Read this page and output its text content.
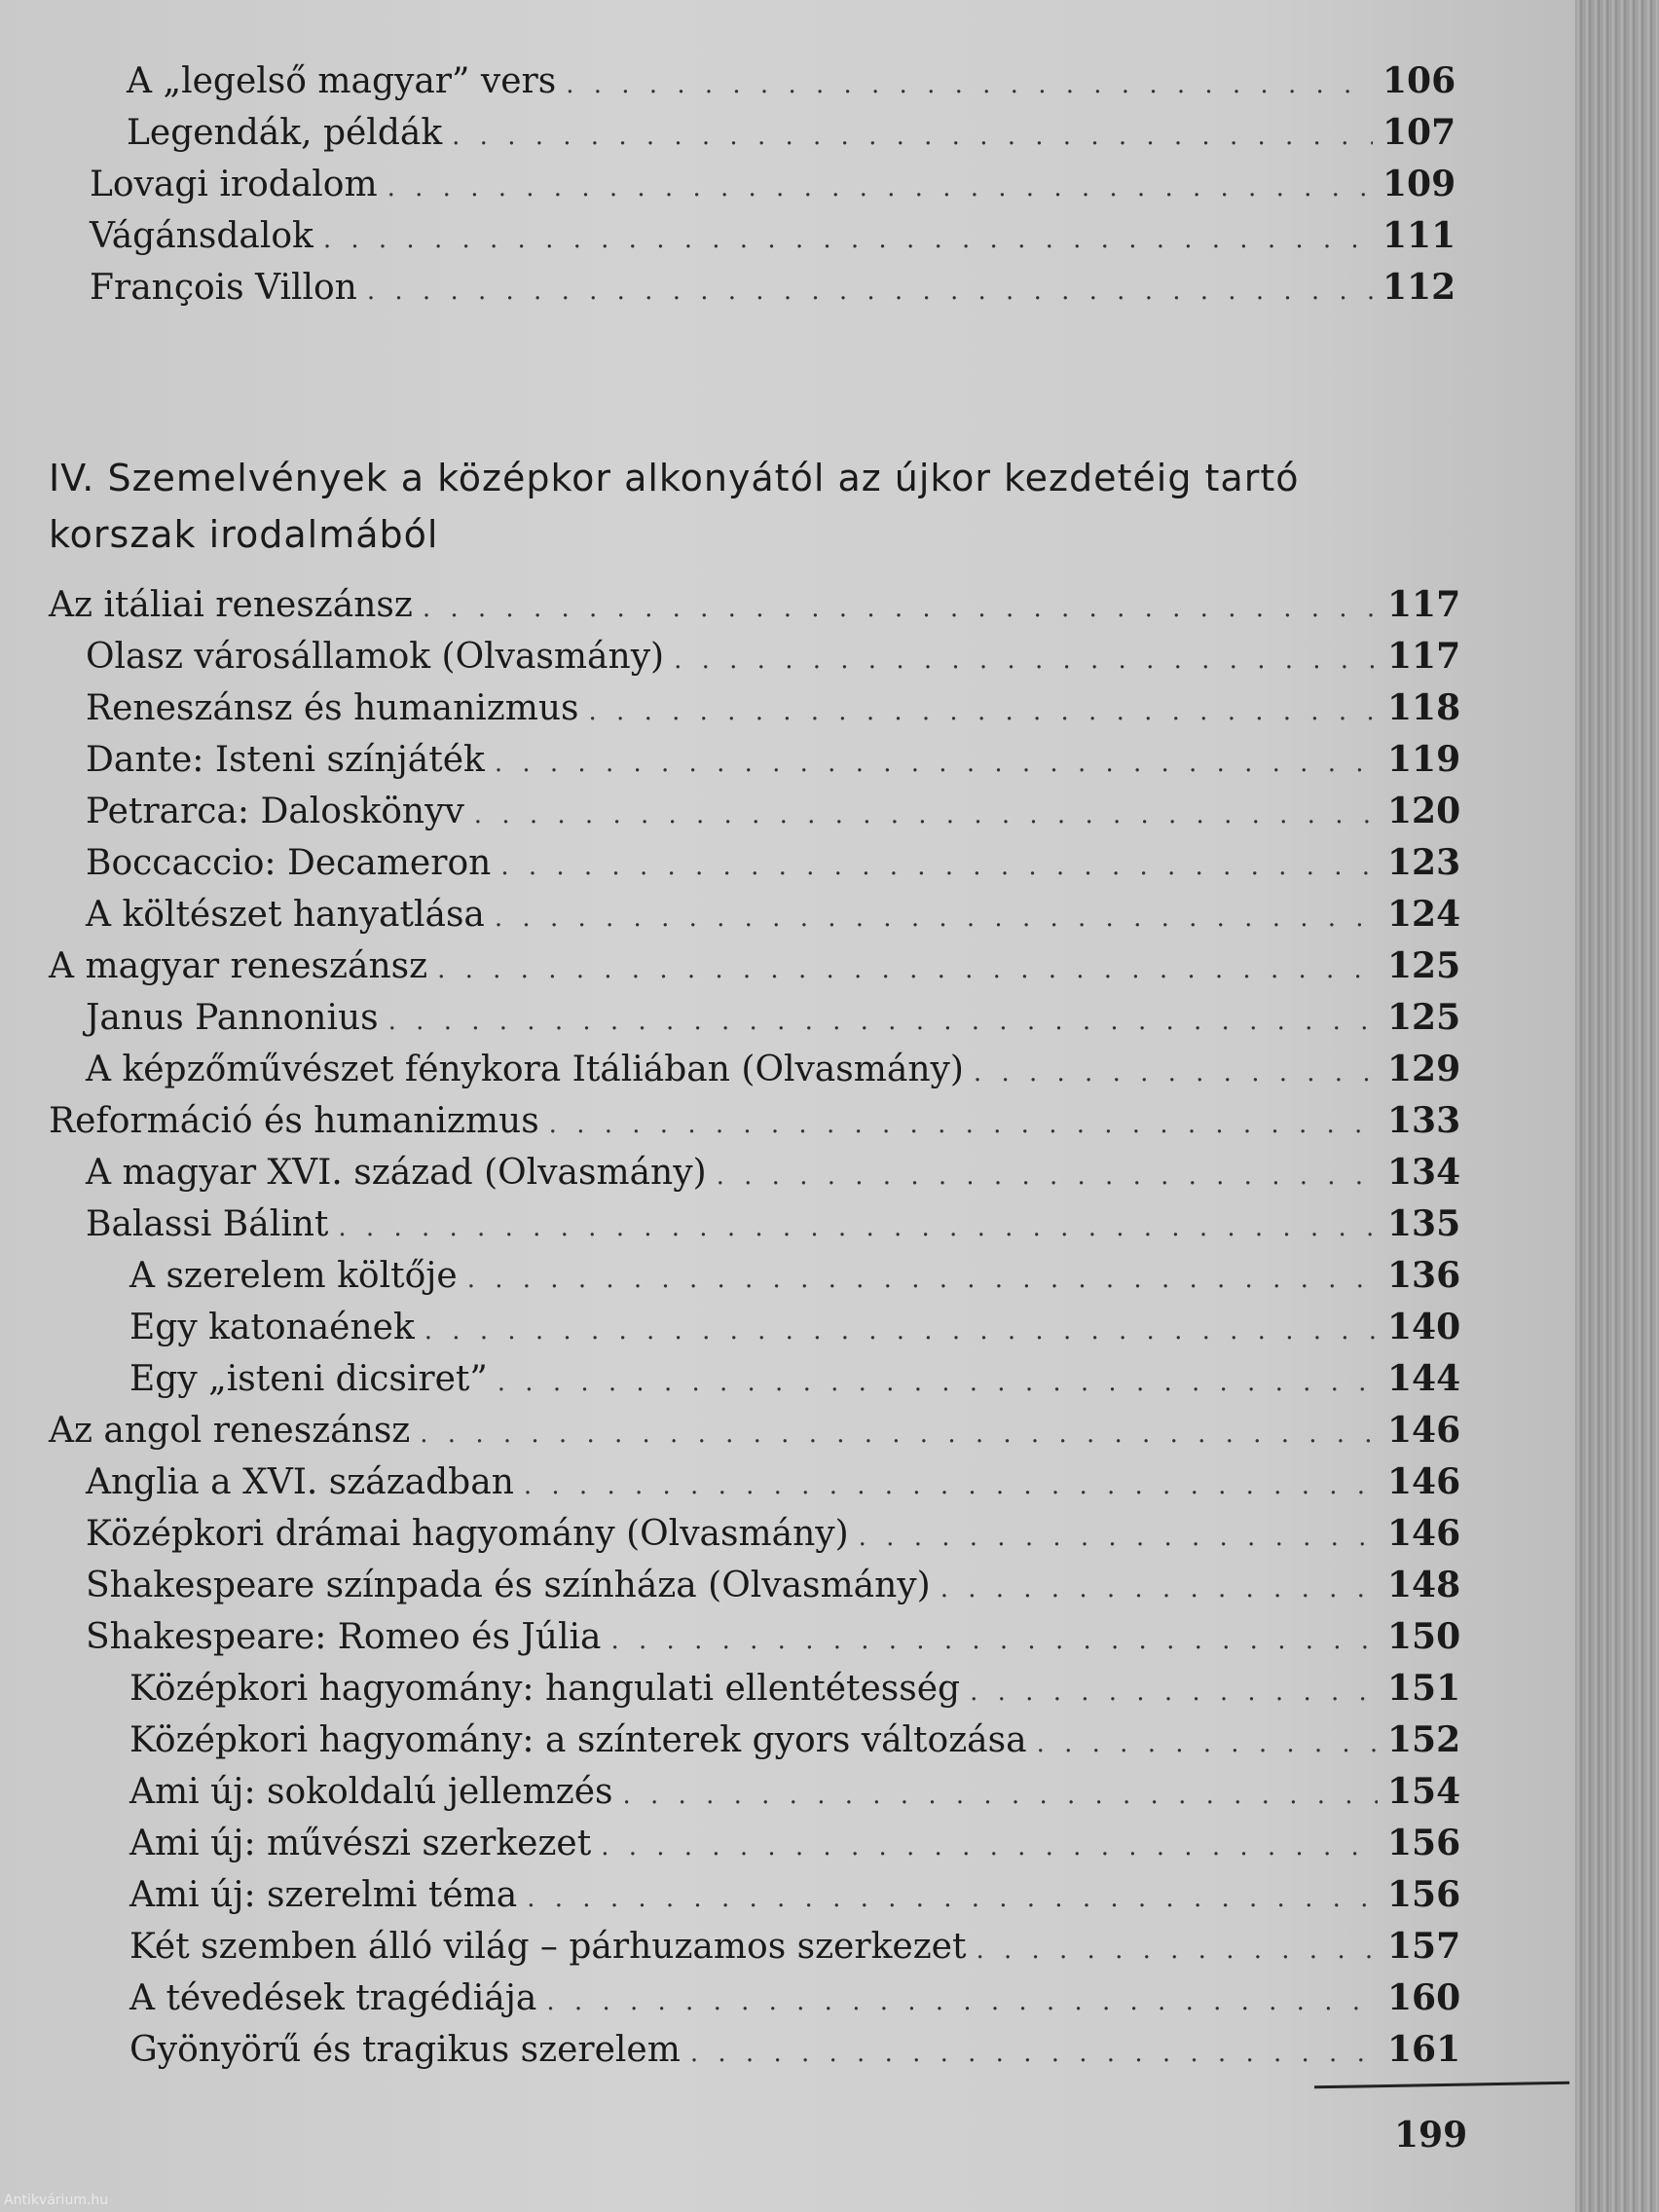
A „legelső magyar” vers . . .	106
Legendák, példák . . .	107
Lovagi irodalom . . .	109
Vágánsdalok . . .	111
François Villon . . .	112
IV. Szemelvények a középkor alkonyától az újkor kezdetéig tartó
korszak irodalmából
Az itáliai reneszánsz . . .	117
Olasz városállamok (Olvasmány) . . .	117
Reneszánsz és humanizmus . . .	118
Dante: Isteni színjáték . . .	119
Petrarca: Daloskönyv . . .	120
Boccaccio: Decameron . . .	123
A költészet hanyatlása . . .	124
A magyar reneszánsz . . .	125
Janus Pannonius . . .	125
A képzőművészet fénykora Itáliában (Olvasmány) . . .	129
Reformáció és humanizmus . . .	133
A magyar XVI. század (Olvasmány) . . .	134
Balassi Bálint . . .	135
A szerelem költője . . .	136
Egy katonaének . . .	140
Egy „isteni dicsiret” . . .	144
Az angol reneszánsz . . .	146
Anglia a XVI. században . . .	146
Középkori drámai hagyomány (Olvasmány) . . .	146
Shakespeare színpada és színháza (Olvasmány) . . .	148
Shakespeare: Romeo és Júlia . . .	150
Középkori hagyomány: hangulati ellentétesség . . .	151
Középkori hagyomány: a színterek gyors változása . . .	152
Ami új: sokoldalú jellemzés . . .	154
Ami új: művészi szerkezet . . .	156
Ami új: szerelmi téma . . .	156
Két szemben álló világ – párhuzamos szerkezet . . .	157
A tévedések tragédiája . . .	160
Gyönyörű és tragikus szerelem . . .	161
199
Antikvárium.hu
